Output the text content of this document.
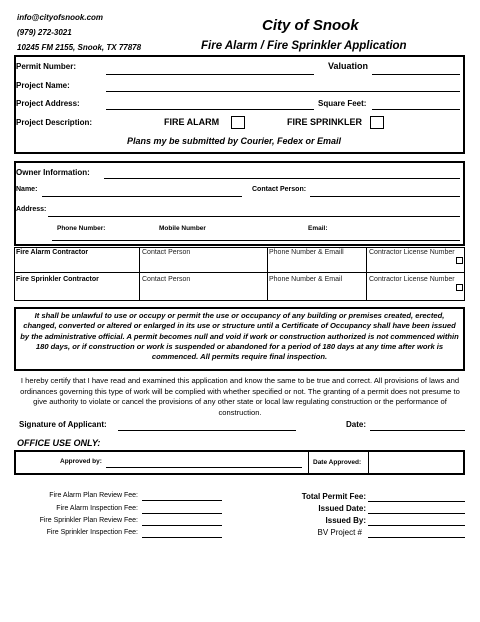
info@cityofsnook.com
(979) 272-3021
10245 FM 2155, Snook, TX 77878
City of Snook
Fire Alarm / Fire Sprinkler Application
Permit Number:	Valuation
Project Name:
Project Address:	Square Feet:
Project Description:	FIRE ALARM	FIRE SPRINKLER
Plans my be submitted by Courier, Fedex or Email
Owner Information:
Name:	Contact Person:
Address:
Phone Number:	Mobile Number	Email:
Fire Alarm Contractor	Contact Person	Phone Number & Emaill	Contractor License Number
Fire Sprinkler Contractor	Contact Person	Phone Number & Email	Contractor License Number
It shall be unlawful to use or occupy or permit the use or occupancy of any building or premises created, erected, changed, converted or altered or enlarged in its use or structure until a Certificate of Occupancy shall have been issued by the administrative official. A permit becomes null and void if work or construction authorized is not commenced within 180 days, or if construction or work is suspended or abandoned for a period of 180 days at any time after work is commenced. All permits require final inspection.
I hereby certify that I have read and examined this application and know the same to be true and correct. All provisions of laws and ordinances governing this type of work will be complied with whether specified or not. The granting of a permit does not presume to give authority to violate or cancel the provisions of any other state or local law regulating construction or the performance of construction.
Signature of Applicant:	Date:
OFFICE USE ONLY:
Approved by:	Date Approved:
Fire Alarm Plan Review Fee:
Fire Alarm Inspection Fee:
Fire Sprinkler Plan Review Fee:
Fire Sprinkler Inspection Fee:
Total Permit Fee:
Issued Date:
Issued By:
BV Project #
